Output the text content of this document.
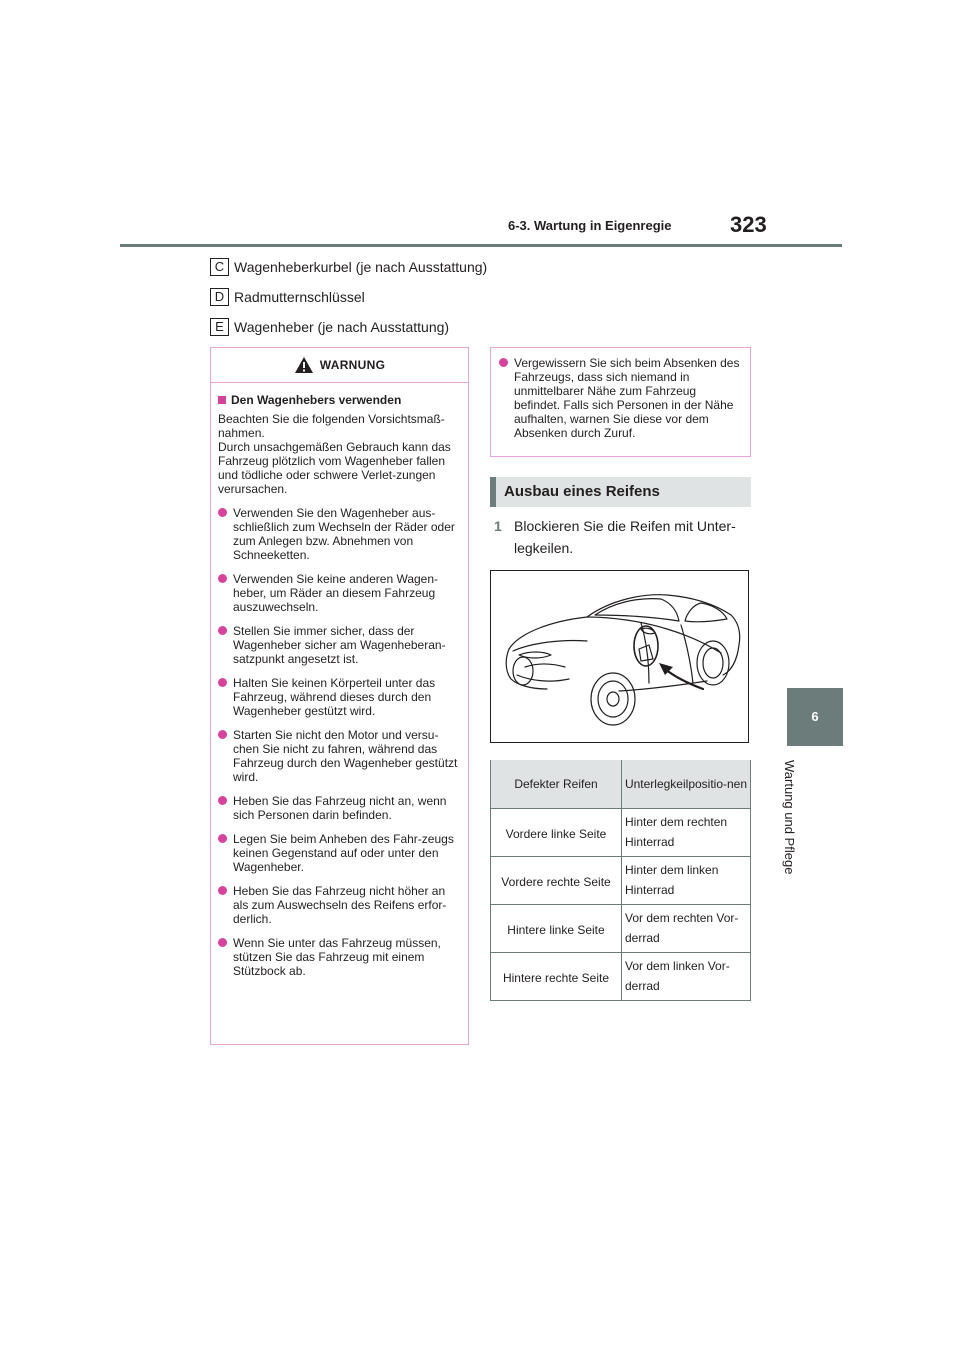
6-3. Wartung in Eigenregie	323
6
Wartung und Pflege
C Wagenheberkurbel (je nach Ausstattung)
D Radmutternschlüssel
E Wagenheber (je nach Ausstattung)
WARNUNG
Den Wagenhebers verwenden
Beachten Sie die folgenden Vorsichtsmaß-nahmen.
Durch unsachgemäßen Gebrauch kann das Fahrzeug plötzlich vom Wagenheber fallen und tödliche oder schwere Verlet-zungen verursachen.
Verwenden Sie den Wagenheber aus-schließlich zum Wechseln der Räder oder zum Anlegen bzw. Abnehmen von Schneeketten.
Verwenden Sie keine anderen Wagen-heber, um Räder an diesem Fahrzeug auszuwechseln.
Stellen Sie immer sicher, dass der Wagenheber sicher am Wagenheberan-satzpunkt angesetzt ist.
Halten Sie keinen Körperteil unter das Fahrzeug, während dieses durch den Wagenheber gestützt wird.
Starten Sie nicht den Motor und versu-chen Sie nicht zu fahren, während das Fahrzeug durch den Wagenheber gestützt wird.
Heben Sie das Fahrzeug nicht an, wenn sich Personen darin befinden.
Legen Sie beim Anheben des Fahr-zeugs keinen Gegenstand auf oder unter den Wagenheber.
Heben Sie das Fahrzeug nicht höher an als zum Auswechseln des Reifens erfor-derlich.
Wenn Sie unter das Fahrzeug müssen, stützen Sie das Fahrzeug mit einem Stützbock ab.
Vergewissern Sie sich beim Absenken des Fahrzeugs, dass sich niemand in unmittelbarer Nähe zum Fahrzeug befindet. Falls sich Personen in der Nähe aufhalten, warnen Sie diese vor dem Absenken durch Zuruf.
Ausbau eines Reifens
1 Blockieren Sie die Reifen mit Unter-legkeilen.
Defekter Reifen	Unterlegkeilpositio-nen
Vordere linke Seite	Hinter dem rechten Hinterrad
Vordere rechte Seite	Hinter dem linken Hinterrad
Hintere linke Seite	Vor dem rechten Vor-derrad
Hintere rechte Seite	Vor dem linken Vor-derrad
